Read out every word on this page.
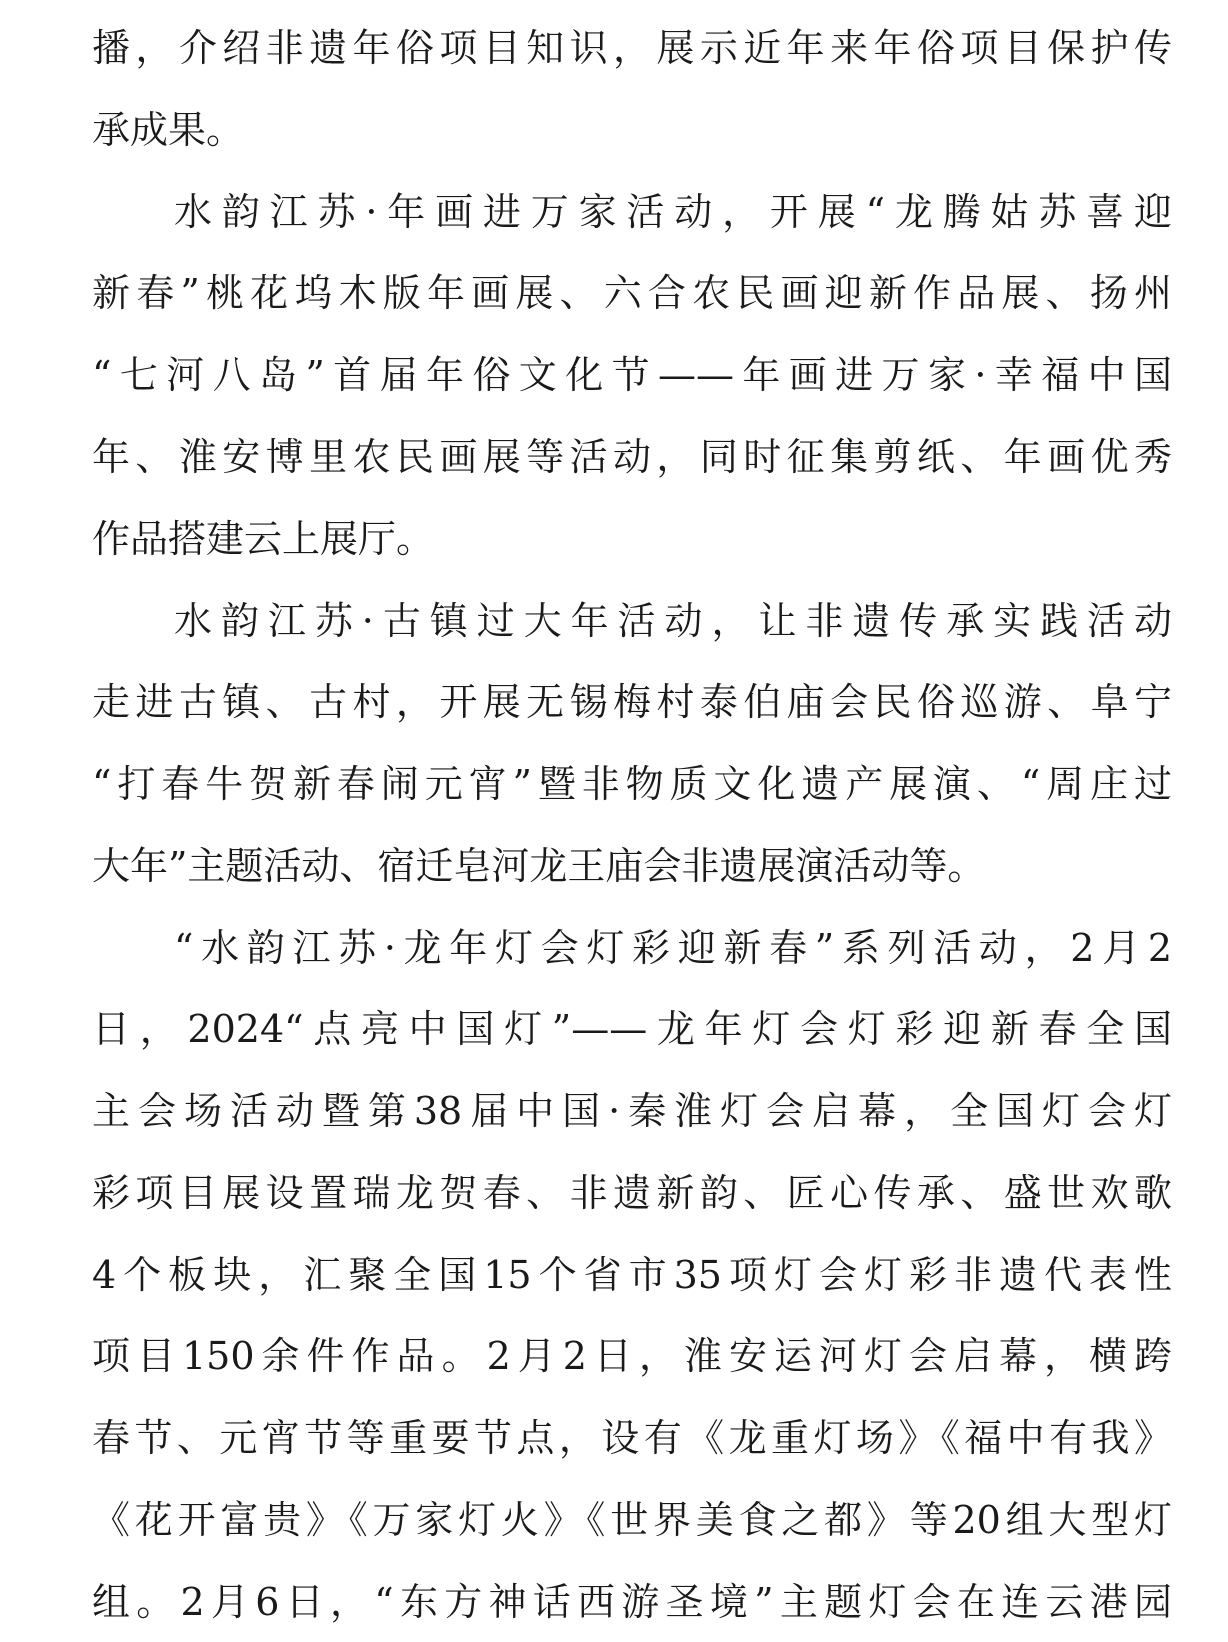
播，介绍非遗年俗项目知识，展示近年来年俗项目保护传
承成果。
水韵江苏·年画进万家活动，开展“龙腾姑苏喜迎
新春”桃花坞木版年画展、六合农民画迎新作品展、扬州
“七河八岛”首届年俗文化节——年画进万家·幸福中国
年、淮安博里农民画展等活动，同时征集剪纸、年画优秀
作品搭建云上展厅。
水韵江苏·古镇过大年活动，让非遗传承实践活动
走进古镇、古村，开展无锡梅村泰伯庙会民俗巡游、阜宁
“打春牛贺新春闹元宵”暨非物质文化遗产展演、“周庄过
大年”主题活动、宿迁皂河龙王庙会非遗展演活动等。
“水韵江苏·龙年灯会灯彩迎新春”系列活动，2月2
日，2024“点亮中国灯”——龙年灯会灯彩迎新春全国
主会场活动暨第38届中国·秦淮灯会启幕，全国灯会灯
彩项目展设置瑞龙贺春、非遗新韵、匠心传承、盛世欢歌
4个板块，汇聚全国15个省市35项灯会灯彩非遗代表性
项目150余件作品。2月2日，淮安运河灯会启幕，横跨
春节、元宵节等重要节点，设有《龙重灯场》《福中有我》
《花开富贵》《万家灯火》《世界美食之都》等20组大型灯
组。2月6日，“东方神话西游圣境”主题灯会在连云港园
